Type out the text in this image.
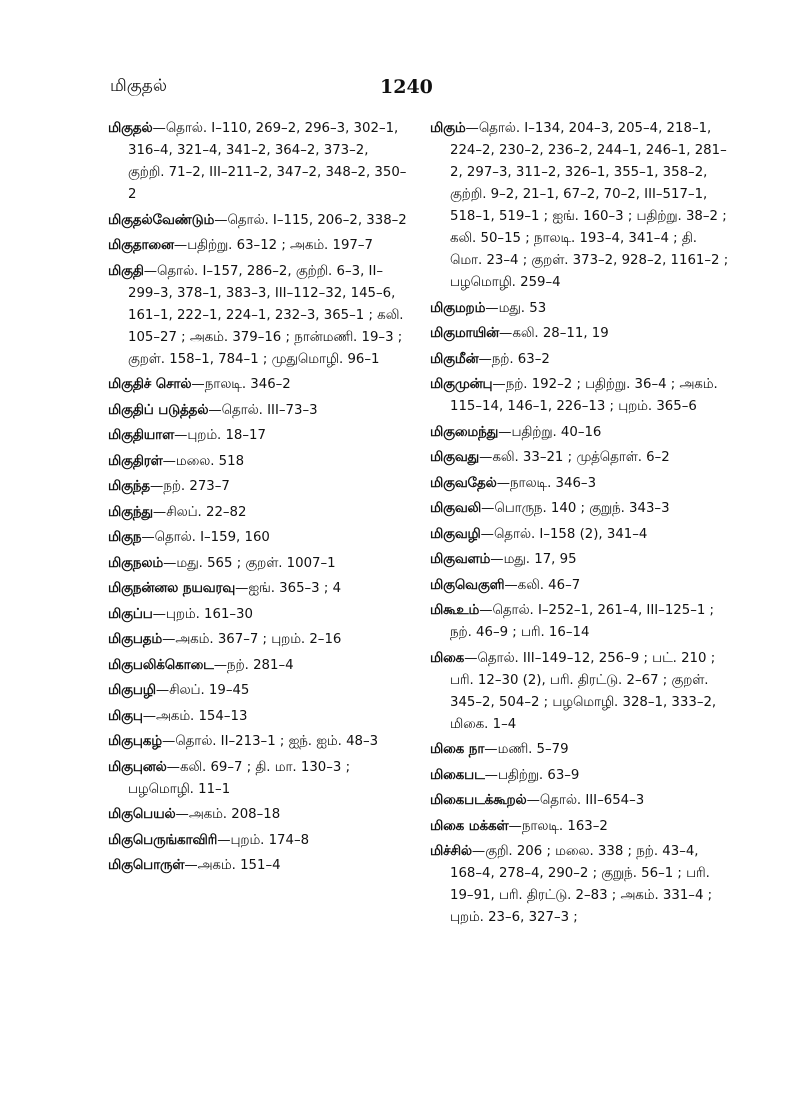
மிகுதல்	1240

மிகுதல்—தொல். I–110, 269–2, 296–3, 302–1, 316–4, 321–4, 341–2, 364–2, 373–2, குற்றி. 71–2, III–211–2, 347–2, 348–2, 350–2

மிகுதல்வேண்டும்—தொல். I–115, 206–2, 338–2

மிகுதானை—பதிற்று. 63–12 ; அகம். 197–7

மிகுதி—தொல். I–157, 286–2, குற்றி. 6–3, II–299–3, 378–1, 383–3, III–112–32, 145–6, 161–1, 222–1, 224–1, 232–3, 365–1 ; கலி. 105–27 ; அகம். 379–16 ; நான்மணி. 19–3 ; குறள். 158–1, 784–1 ; முதுமொழி. 96–1

மிகுதிச் சொல்—நாலடி. 346–2

மிகுதிப் படுத்தல்—தொல். III–73–3

மிகுதியாள—புறம். 18–17

மிகுதிரள்—மலை. 518

மிகுந்த—நற். 273–7

மிகுந்து—சிலப். 22–82

மிகுந—தொல். I–159, 160

மிகுநலம்—மது. 565 ; குறள். 1007–1

மிகுநன்னல நயவரவு—ஐங். 365–3 ; 4

மிகுப்ப—புறம். 161–30

மிகுபதம்—அகம். 367–7 ; புறம். 2–16

மிகுபலிக்கொடை—நற். 281–4

மிகுபழி—சிலப். 19–45

மிகுபு—அகம். 154–13

மிகுபுகழ்—தொல். II–213–1 ; ஐந். ஐம். 48–3

மிகுபுனல்—கலி. 69–7 ; தி. மா. 130–3 ; பழமொழி. 11–1

மிகுபெயல்—அகம். 208–18

மிகுபெருங்காவிரி—புறம். 174–8

மிகுபொருள்—அகம். 151–4

மிகும்—தொல். I–134, 204–3, 205–4, 218–1, 224–2, 230–2, 236–2, 244–1, 246–1, 281–2, 297–3, 311–2, 326–1, 355–1, 358–2, குற்றி. 9–2, 21–1, 67–2, 70–2, III–517–1, 518–1, 519–1 ; ஐங். 160–3 ; பதிற்று. 38–2 ; கலி. 50–15 ; நாலடி. 193–4, 341–4 ; தி. மொ. 23–4 ; குறள். 373–2, 928–2, 1161–2 ; பழமொழி. 259–4

மிகுமறம்—மது. 53

மிகுமாயின்—கலி. 28–11, 19

மிகுமீன்—நற். 63–2

மிகுமுன்பு—நற். 192–2 ; பதிற்று. 36–4 ; அகம். 115–14, 146–1, 226–13 ; புறம். 365–6

மிகுமைந்து—பதிற்று. 40–16

மிகுவது—கலி. 33–21 ; முத்தொள். 6–2

மிகுவதேல்—நாலடி. 346–3

மிகுவலி—பொருந. 140 ; குறுந். 343–3

மிகுவழி—தொல். I–158 (2), 341–4

மிகுவளம்—மது. 17, 95

மிகுவெகுளி—கலி. 46–7

மிகூஉம்—தொல். I–252–1, 261–4, III–125–1 ; நற். 46–9 ; பரி. 16–14

மிகை—தொல். III–149–12, 256–9 ; பட். 210 ; பரி. 12–30 (2), பரி. திரட்டு. 2–67 ; குறள். 345–2, 504–2 ; பழமொழி. 328–1, 333–2, மிகை. 1–4

மிகை நா—மணி. 5–79

மிகைபட—பதிற்று. 63–9

மிகைபடக்கூறல்—தொல். III–654–3

மிகை மக்கள்—நாலடி. 163–2

மிச்சில்—குறி. 206 ; மலை. 338 ; நற். 43–4, 168–4, 278–4, 290–2 ; குறுந். 56–1 ; பரி. 19–91, பரி. திரட்டு. 2–83 ; அகம். 331–4 ; புறம். 23–6, 327–3 ;
